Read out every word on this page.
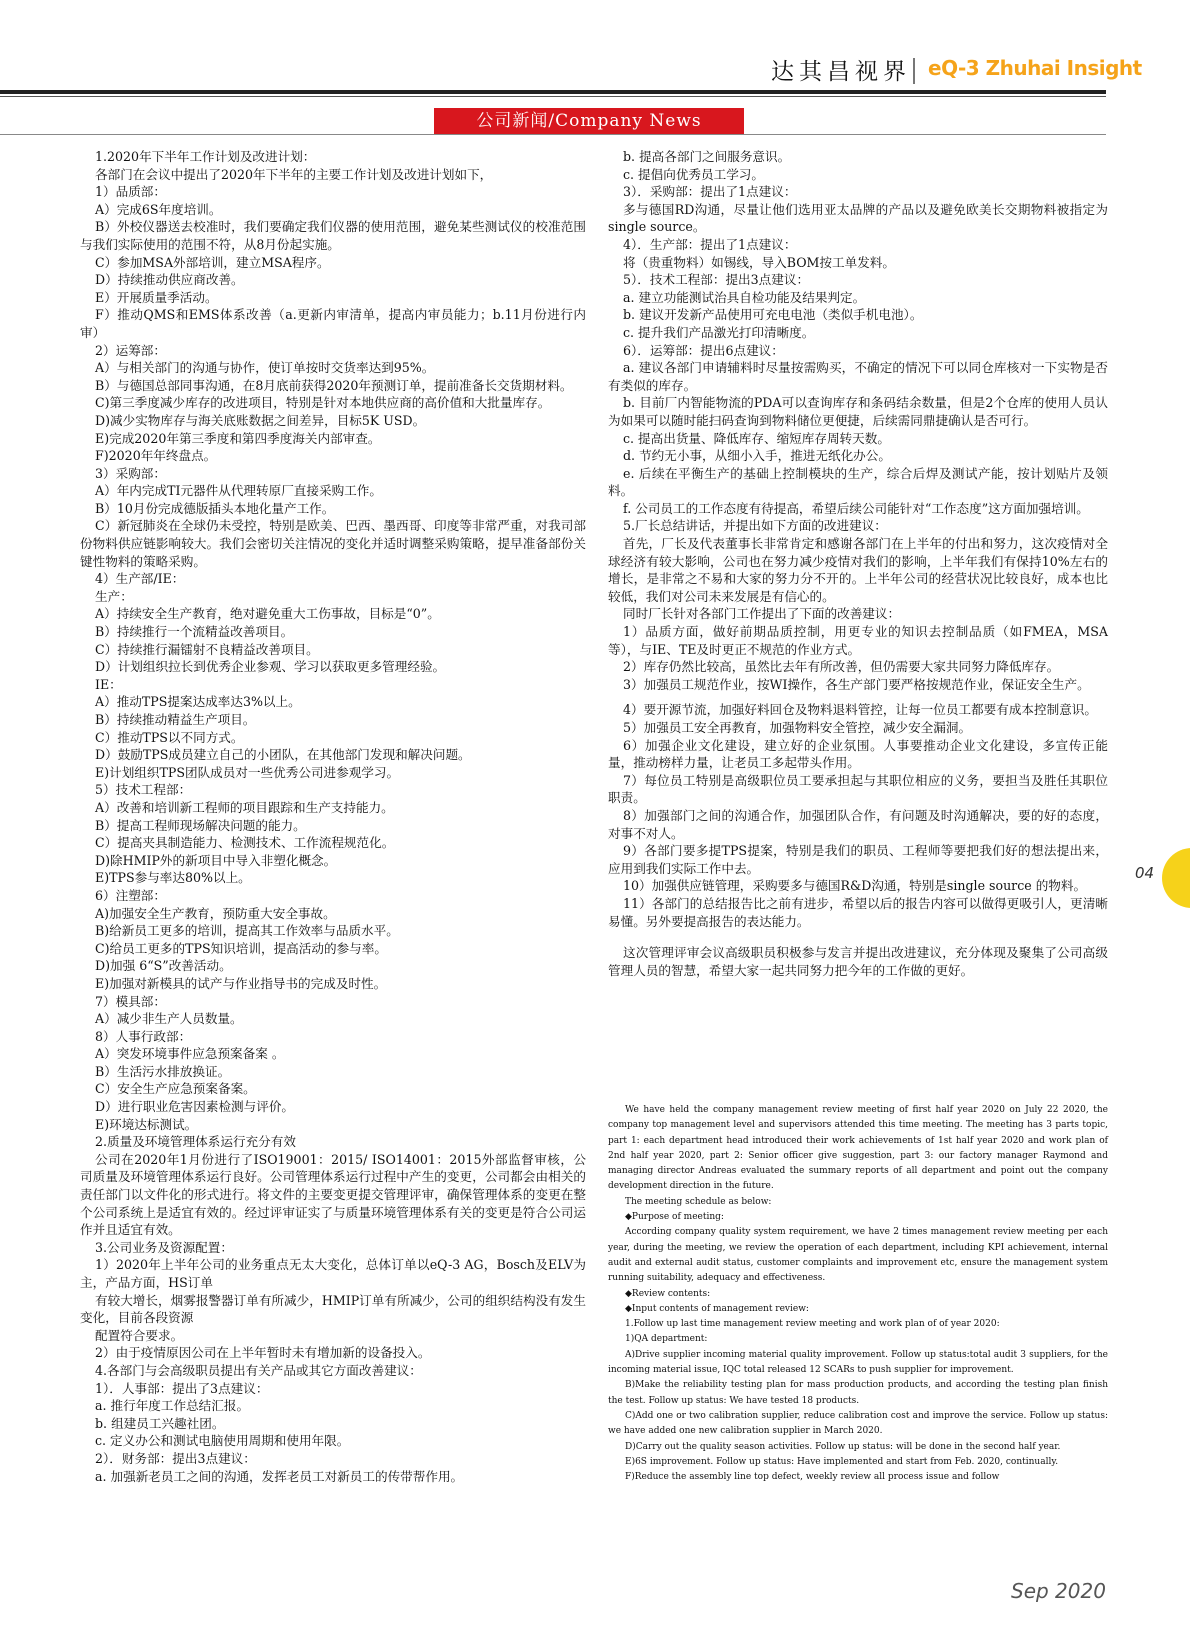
达其昌视界 eQ-3 Zhuhai Insight
公司新闻/Company News

1.2020年下半年工作计划及改进计划：

各部门在会议中提出了2020年下半年的主要工作计划及改进计划如下，

1）品质部：

A）完成6S年度培训。

B）外校仪器送去校准时，我们要确定我们仪器的使用范围，避免某些测试仪的校准范围与我们实际使用的范围不符，从8月份起实施。

C）参加MSA外部培训，建立MSA程序。

D）持续推动供应商改善。

E）开展质量季活动。

F）推动QMS和EMS体系改善（a.更新内审清单，提高内审员能力；b.11月份进行内审）

2）运筹部：

A）与相关部门的沟通与协作，使订单按时交货率达到95%。

B）与德国总部同事沟通，在8月底前获得2020年预测订单，提前准备长交货期材料。

C)第三季度减少库存的改进项目，特别是针对本地供应商的高价值和大批量库存。

D)减少实物库存与海关底账数据之间差异，目标5K USD。

E)完成2020年第三季度和第四季度海关内部审查。

F)2020年年终盘点。

3）采购部：

A）年内完成TI元器件从代理转原厂直接采购工作。

B）10月份完成德版插头本地化量产工作。

C）新冠肺炎在全球仍未受控，特别是欧美、巴西、墨西哥、印度等非常严重，对我司部份物料供应链影响较大。我们会密切关注情况的变化并适时调整采购策略，提早准备部份关键性物料的策略采购。

4）生产部/IE：

生产：

A）持续安全生产教育，绝对避免重大工伤事故，目标是“0”。

B）持续推行一个流精益改善项目。

C）持续推行漏镭射不良精益改善项目。

D）计划组织拉长到优秀企业参观、学习以获取更多管理经验。

IE：

A）推动TPS提案达成率达3%以上。

B）持续推动精益生产项目。

C）推动TPS以不同方式。

D）鼓励TPS成员建立自己的小团队，在其他部门发现和解决问题。

E)计划组织TPS团队成员对一些优秀公司进参观学习。

5）技术工程部：

A）改善和培训新工程师的项目跟踪和生产支持能力。

B）提高工程师现场解决问题的能力。

C）提高夹具制造能力、检测技术、工作流程规范化。

D)除HMIP外的新项目中导入非塑化概念。

E)TPS参与率达80%以上。

6）注塑部：

A)加强安全生产教育，预防重大安全事故。

B)给新员工更多的培训，提高其工作效率与品质水平。

C)给员工更多的TPS知识培训，提高活动的参与率。

D)加强 6“S”改善活动。

E)加强对新模具的试产与作业指导书的完成及时性。

7）模具部：

A）减少非生产人员数量。

8）人事行政部：

A）突发环境事件应急预案备案 。

B）生活污水排放换证。

C）安全生产应急预案备案。

D）进行职业危害因素检测与评价。

E)环境达标测试。

2.质量及环境管理体系运行充分有效

公司在2020年1月份进行了ISO19001：2015/ ISO14001：2015外部监督审核，公司质量及环境管理体系运行良好。公司管理体系运行过程中产生的变更，公司都会由相关的责任部门以文件化的形式进行。将文件的主要变更提交管理评审，确保管理体系的变更在整个公司系统上是适宜有效的。经过评审证实了与质量环境管理体系有关的变更是符合公司运作并且适宜有效。

3.公司业务及资源配置：

1）2020年上半年公司的业务重点无太大变化，总体订单以eQ-3 AG，Bosch及ELV为主，产品方面，HS订单

有较大增长，烟雾报警器订单有所减少，HMIP订单有所减少，公司的组织结构没有发生变化，目前各段资源

配置符合要求。

2）由于疫情原因公司在上半年暂时未有增加新的设备投入。

4.各部门与会高级职员提出有关产品或其它方面改善建议：

1）．人事部：提出了3点建议：

a. 推行年度工作总结汇报。

b. 组建员工兴趣社团。

c. 定义办公和测试电脑使用周期和使用年限。

2）．财务部：提出3点建议：

a. 加强新老员工之间的沟通，发挥老员工对新员工的传带帮作用。

b. 提高各部门之间服务意识。

c. 提倡向优秀员工学习。

3）．采购部：提出了1点建议：

多与德国RD沟通，尽量让他们选用亚太品牌的产品以及避免欧美长交期物料被指定为single source。

4）．生产部：提出了1点建议：

将（贵重物料）如锡线，导入BOM按工单发料。

5）．技术工程部：提出3点建议：

a. 建立功能测试治具自检功能及结果判定。

b. 建议开发新产品使用可充电电池（类似手机电池）。

c. 提升我们产品激光打印清晰度。

6）．运筹部：提出6点建议：

a. 建议各部门申请辅料时尽量按需购买，不确定的情况下可以同仓库核对一下实物是否有类似的库存。

b. 目前厂内智能物流的PDA可以查询库存和条码结余数量，但是2个仓库的使用人员认为如果可以随时能扫码查询到物料储位更便捷，后续需同鼎捷确认是否可行。

c. 提高出货量、降低库存、缩短库存周转天数。

d. 节约无小事，从细小入手，推进无纸化办公。

e. 后续在平衡生产的基础上控制模块的生产，综合后焊及测试产能，按计划贴片及领料。

f. 公司员工的工作态度有待提高，希望后续公司能针对“工作态度”这方面加强培训。

5.厂长总结讲话，并提出如下方面的改进建议：

首先，厂长及代表董事长非常肯定和感谢各部门在上半年的付出和努力，这次疫情对全球经济有较大影响，公司也在努力减少疫情对我们的影响，上半年我们有保持10%左右的增长，是非常之不易和大家的努力分不开的。上半年公司的经营状况比较良好，成本也比较低，我们对公司未来发展是有信心的。

同时厂长针对各部门工作提出了下面的改善建议：

1）品质方面，做好前期品质控制，用更专业的知识去控制品质（如FMEA，MSA等），与IE、TE及时更正不规范的作业方式。

2）库存仍然比较高，虽然比去年有所改善，但仍需要大家共同努力降低库存。

3）加强员工规范作业，按WI操作，各生产部门要严格按规范作业，保证安全生产。

4）要开源节流，加强好料回仓及物料退料管控，让每一位员工都要有成本控制意识。

5）加强员工安全再教育，加强物料安全管控，减少安全漏洞。

6）加强企业文化建设，建立好的企业氛围。人事要推动企业文化建设，多宣传正能量，推动榜样力量，让老员工多起带头作用。

7）每位员工特别是高级职位员工要承担起与其职位相应的义务，要担当及胜任其职位职责。

8）加强部门之间的沟通合作，加强团队合作，有问题及时沟通解决，要的好的态度，对事不对人。

9）各部门要多提TPS提案，特别是我们的职员、工程师等要把我们好的想法提出来，应用到我们实际工作中去。

10）加强供应链管理，采购要多与德国R&D沟通，特别是single source 的物料。

11）各部门的总结报告比之前有进步，希望以后的报告内容可以做得更吸引人，更清晰易懂。另外要提高报告的表达能力。

这次管理评审会议高级职员积极参与发言并提出改进建议，充分体现及聚集了公司高级管理人员的智慧，希望大家一起共同努力把今年的工作做的更好。

We have held the company management review meeting of first half year 2020 on July 22 2020, the company top management level and supervisors attended this time meeting. The meeting has 3 parts topic, part 1: each department head introduced their work achievements of 1st half year 2020 and work plan of 2nd half year 2020, part 2: Senior officer give suggestion, part 3: our factory manager Raymond and managing director Andreas evaluated the summary reports of all department and point out the company development direction in the future.

The meeting schedule as below:

◆Purpose of meeting:

According company quality system requirement, we have 2 times management review meeting per each year, during the meeting, we review the operation of each department, including KPI achievement, internal audit and external audit status, customer complaints and improvement etc, ensure the management system running suitability, adequacy and effectiveness.

◆Review contents:

◆Input contents of management review:

1.Follow up last time management review meeting and work plan of of year 2020:

1)QA department:

A)Drive supplier incoming material quality improvement. Follow up status:total audit 3 suppliers, for the incoming material issue, IQC total released 12 SCARs to push supplier for improvement.

B)Make the reliability testing plan for mass production products, and according the testing plan finish the test. Follow up status: We have tested 18 products.

C)Add one or two calibration supplier, reduce calibration cost and improve the service. Follow up status: we have added one new calibration supplier in March 2020.

D)Carry out the quality season activities. Follow up status: will be done in the second half year.

E)6S improvement. Follow up status: Have implemented and start from Feb. 2020, continually.

F)Reduce the assembly line top defect, weekly review all process issue and follow

04
Sep 2020
